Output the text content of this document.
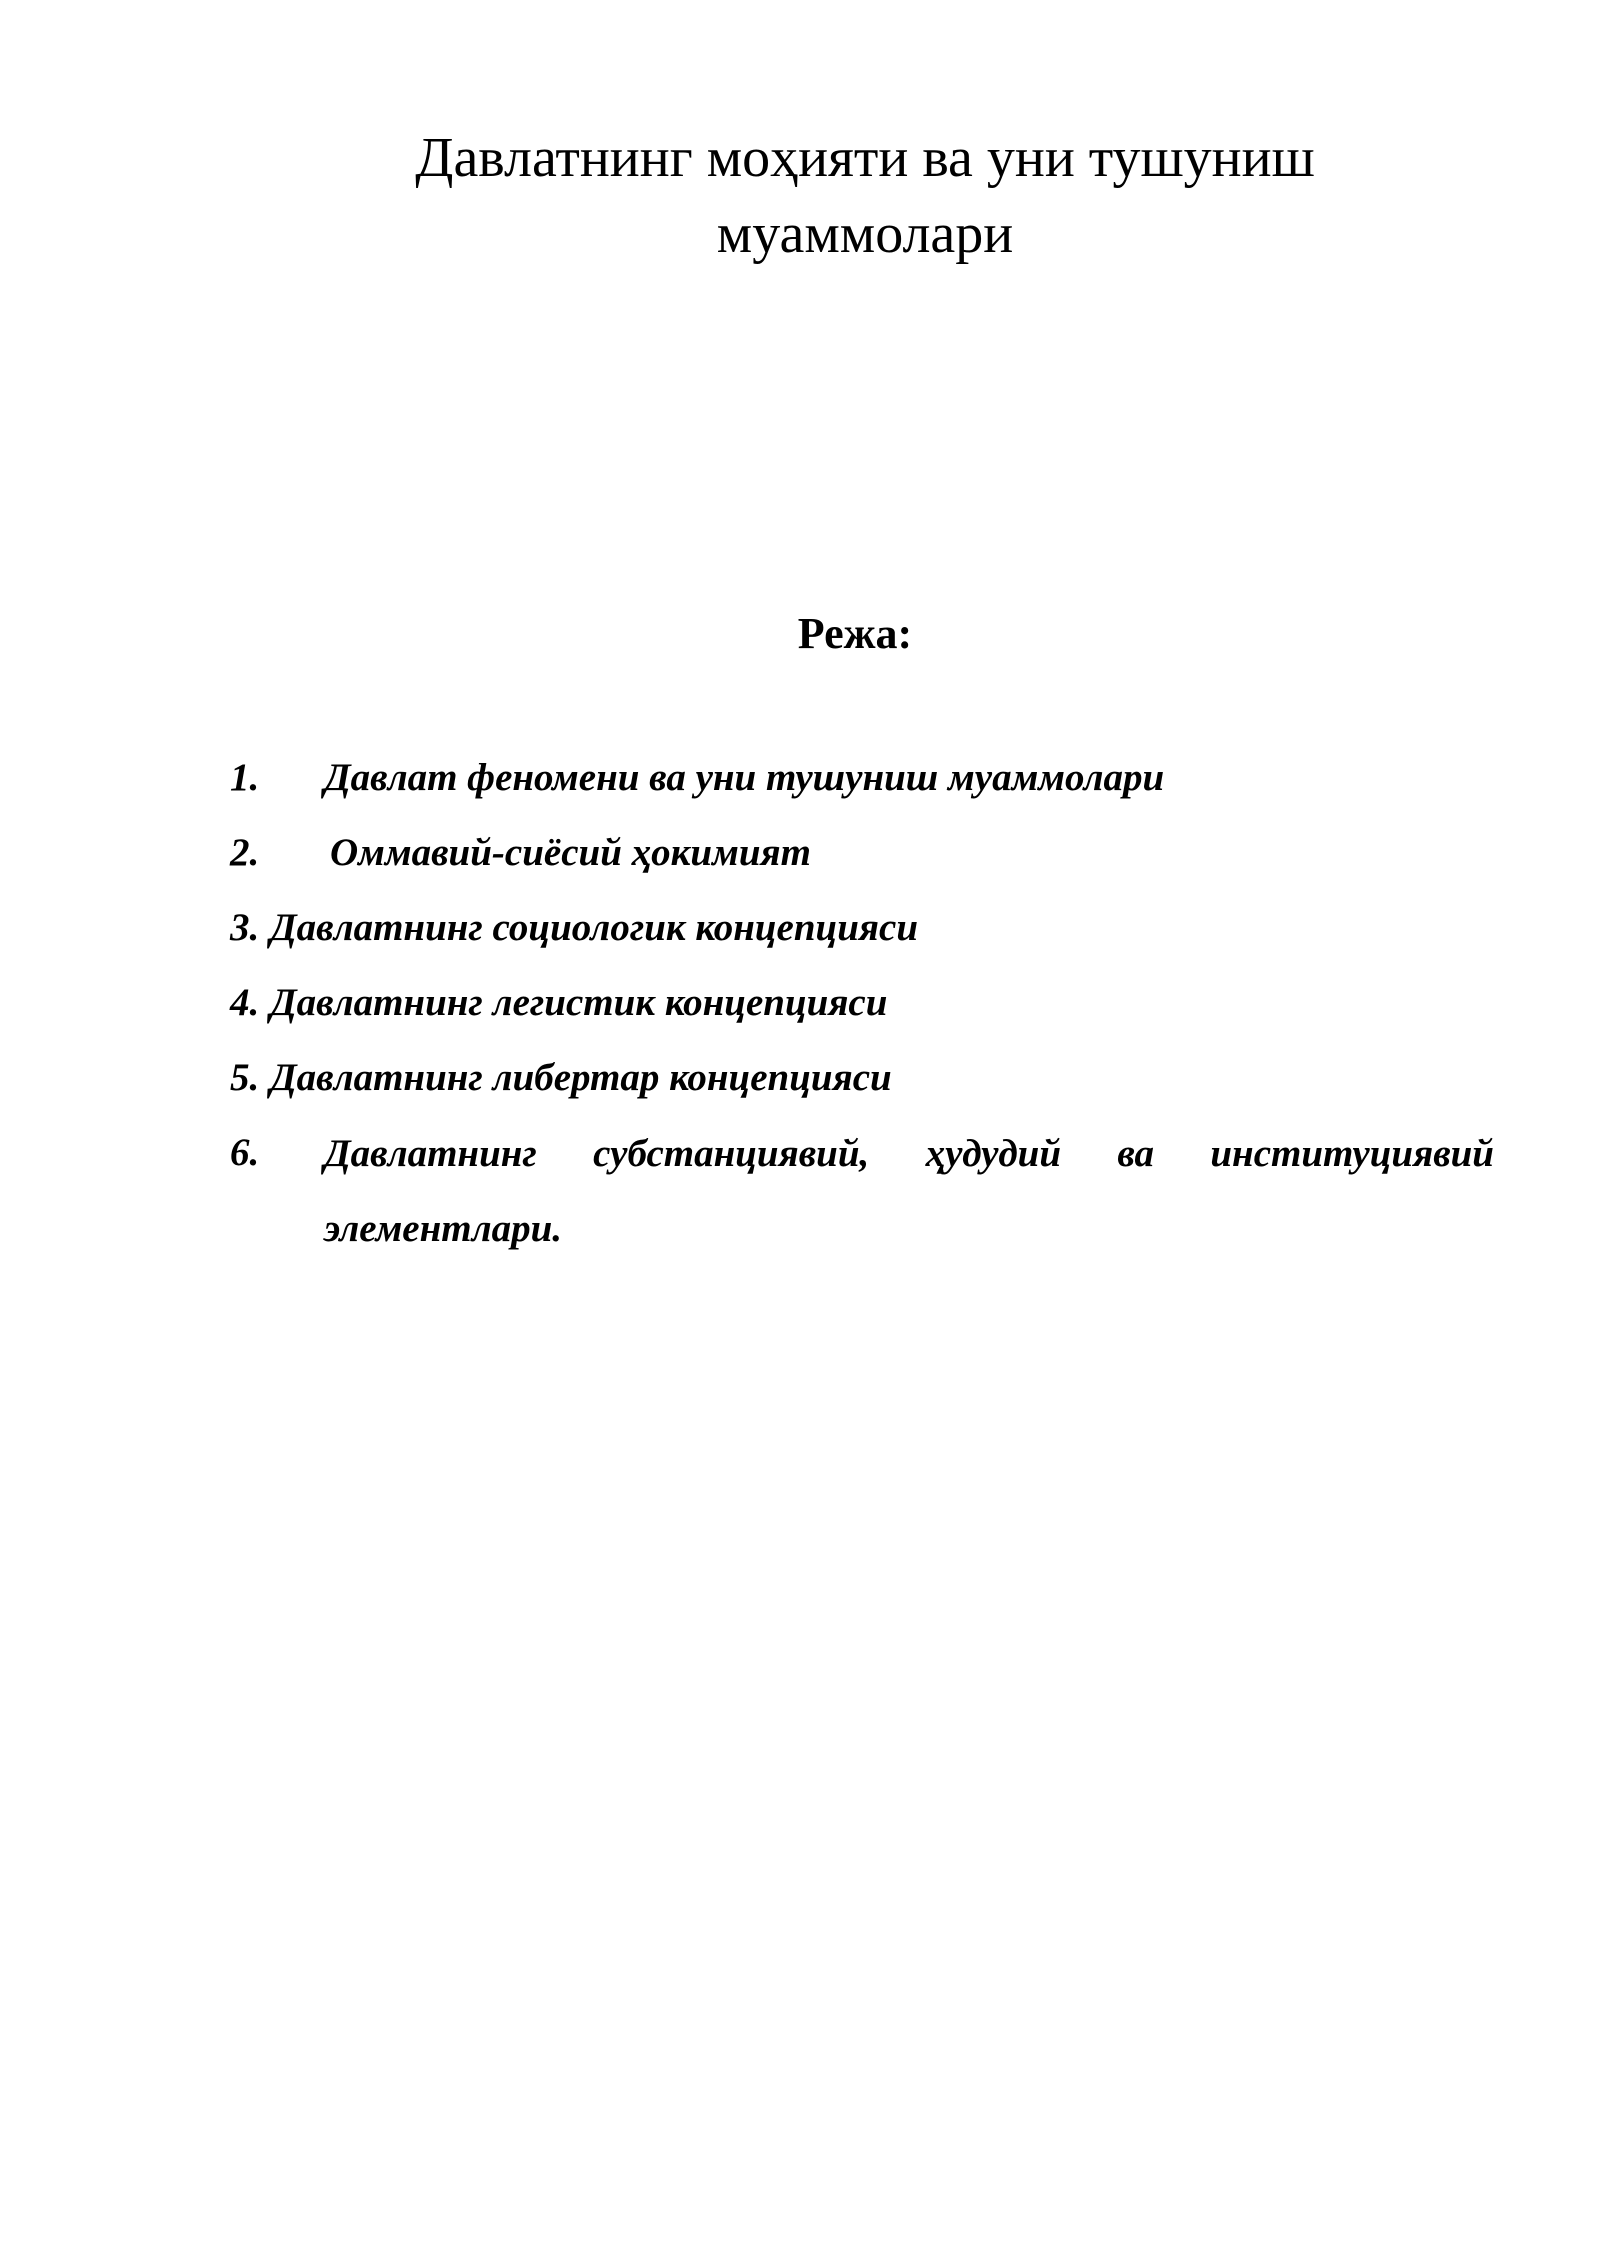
Давлатнинг моҳияти ва уни тушуниш
муаммолари
Режа:
1. Давлат феномени ва уни тушуниш муаммолари
2. Оммавий-сиёсий ҳокимият
3. Давлатнинг социологик концепцияси
4. Давлатнинг легистик концепцияси
5. Давлатнинг либертар концепцияси
6. Давлатнинг субстанциявий, ҳудудий ва институциявий
элементлари.
